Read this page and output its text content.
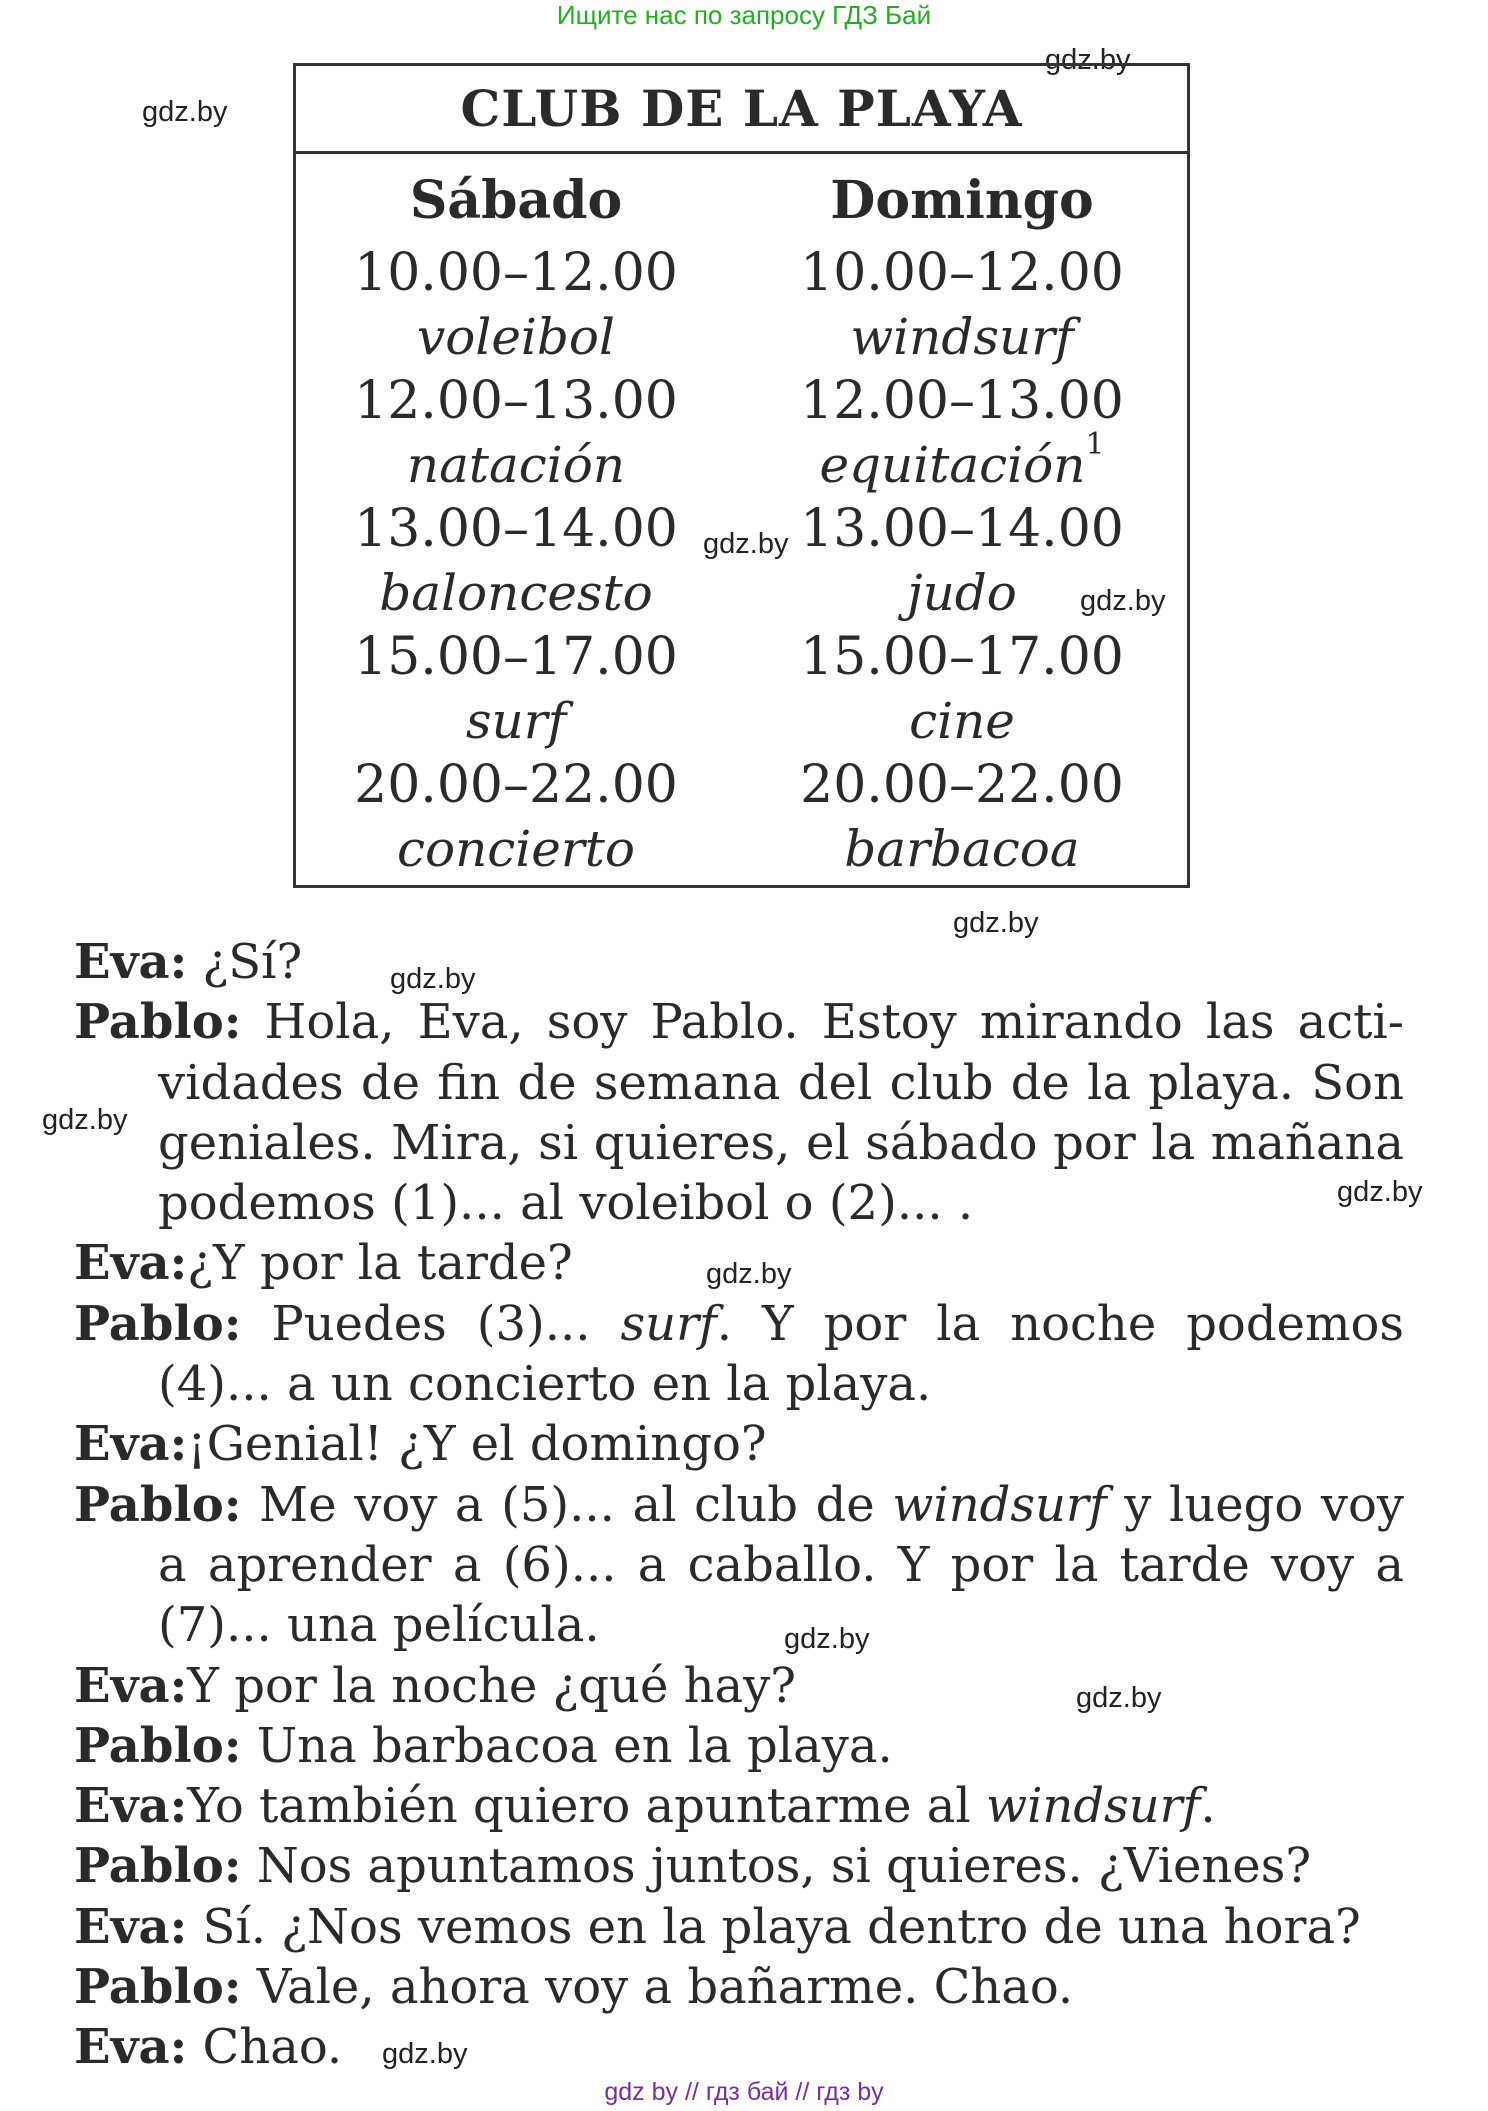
Ищите нас по запросу ГДЗ Бай
gdz.by
gdz.by
gdz.by
gdz.by
gdz.by
gdz.by
gdz.by
gdz.by
gdz.by
gdz.by
gdz.by
gdz.by
CLUB DE LA PLAYA
Sábado
10.00–12.00
voleibol
12.00–13.00
natación
13.00–14.00
baloncesto
15.00–17.00
surf
20.00–22.00
concierto
Domingo
10.00–12.00
windsurf
12.00–13.00
equitación$^1$
13.00–14.00
judo
15.00–17.00
cine
20.00–22.00
barbacoa

Eva: ¿Sí?

Pablo: Hola, Eva, soy Pablo. Estoy mirando las actividades de fin de semana del club de la playa. Son geniales. Mira, si quieres, el sábado por la mañana podemos (1)... al voleibol o (2)... .

Eva:¿Y por la tarde?

Pablo: Puedes (3)... surf. Y por la noche podemos (4)... a un concierto en la playa.

Eva:¡Genial! ¿Y el domingo?

Pablo: Me voy a (5)... al club de windsurf y luego voy a aprender a (6)... a caballo. Y por la tarde voy a (7)... una película.

Eva:Y por la noche ¿qué hay?

Pablo: Una barbacoa en la playa.

Eva:Yo también quiero apuntarme al windsurf.

Pablo: Nos apuntamos juntos, si quieres. ¿Vienes?

Eva: Sí. ¿Nos vemos en la playa dentro de una hora?

Pablo: Vale, ahora voy a bañarme. Chao.

Eva: Chao.

gdz by // гдз бай // гдз by
